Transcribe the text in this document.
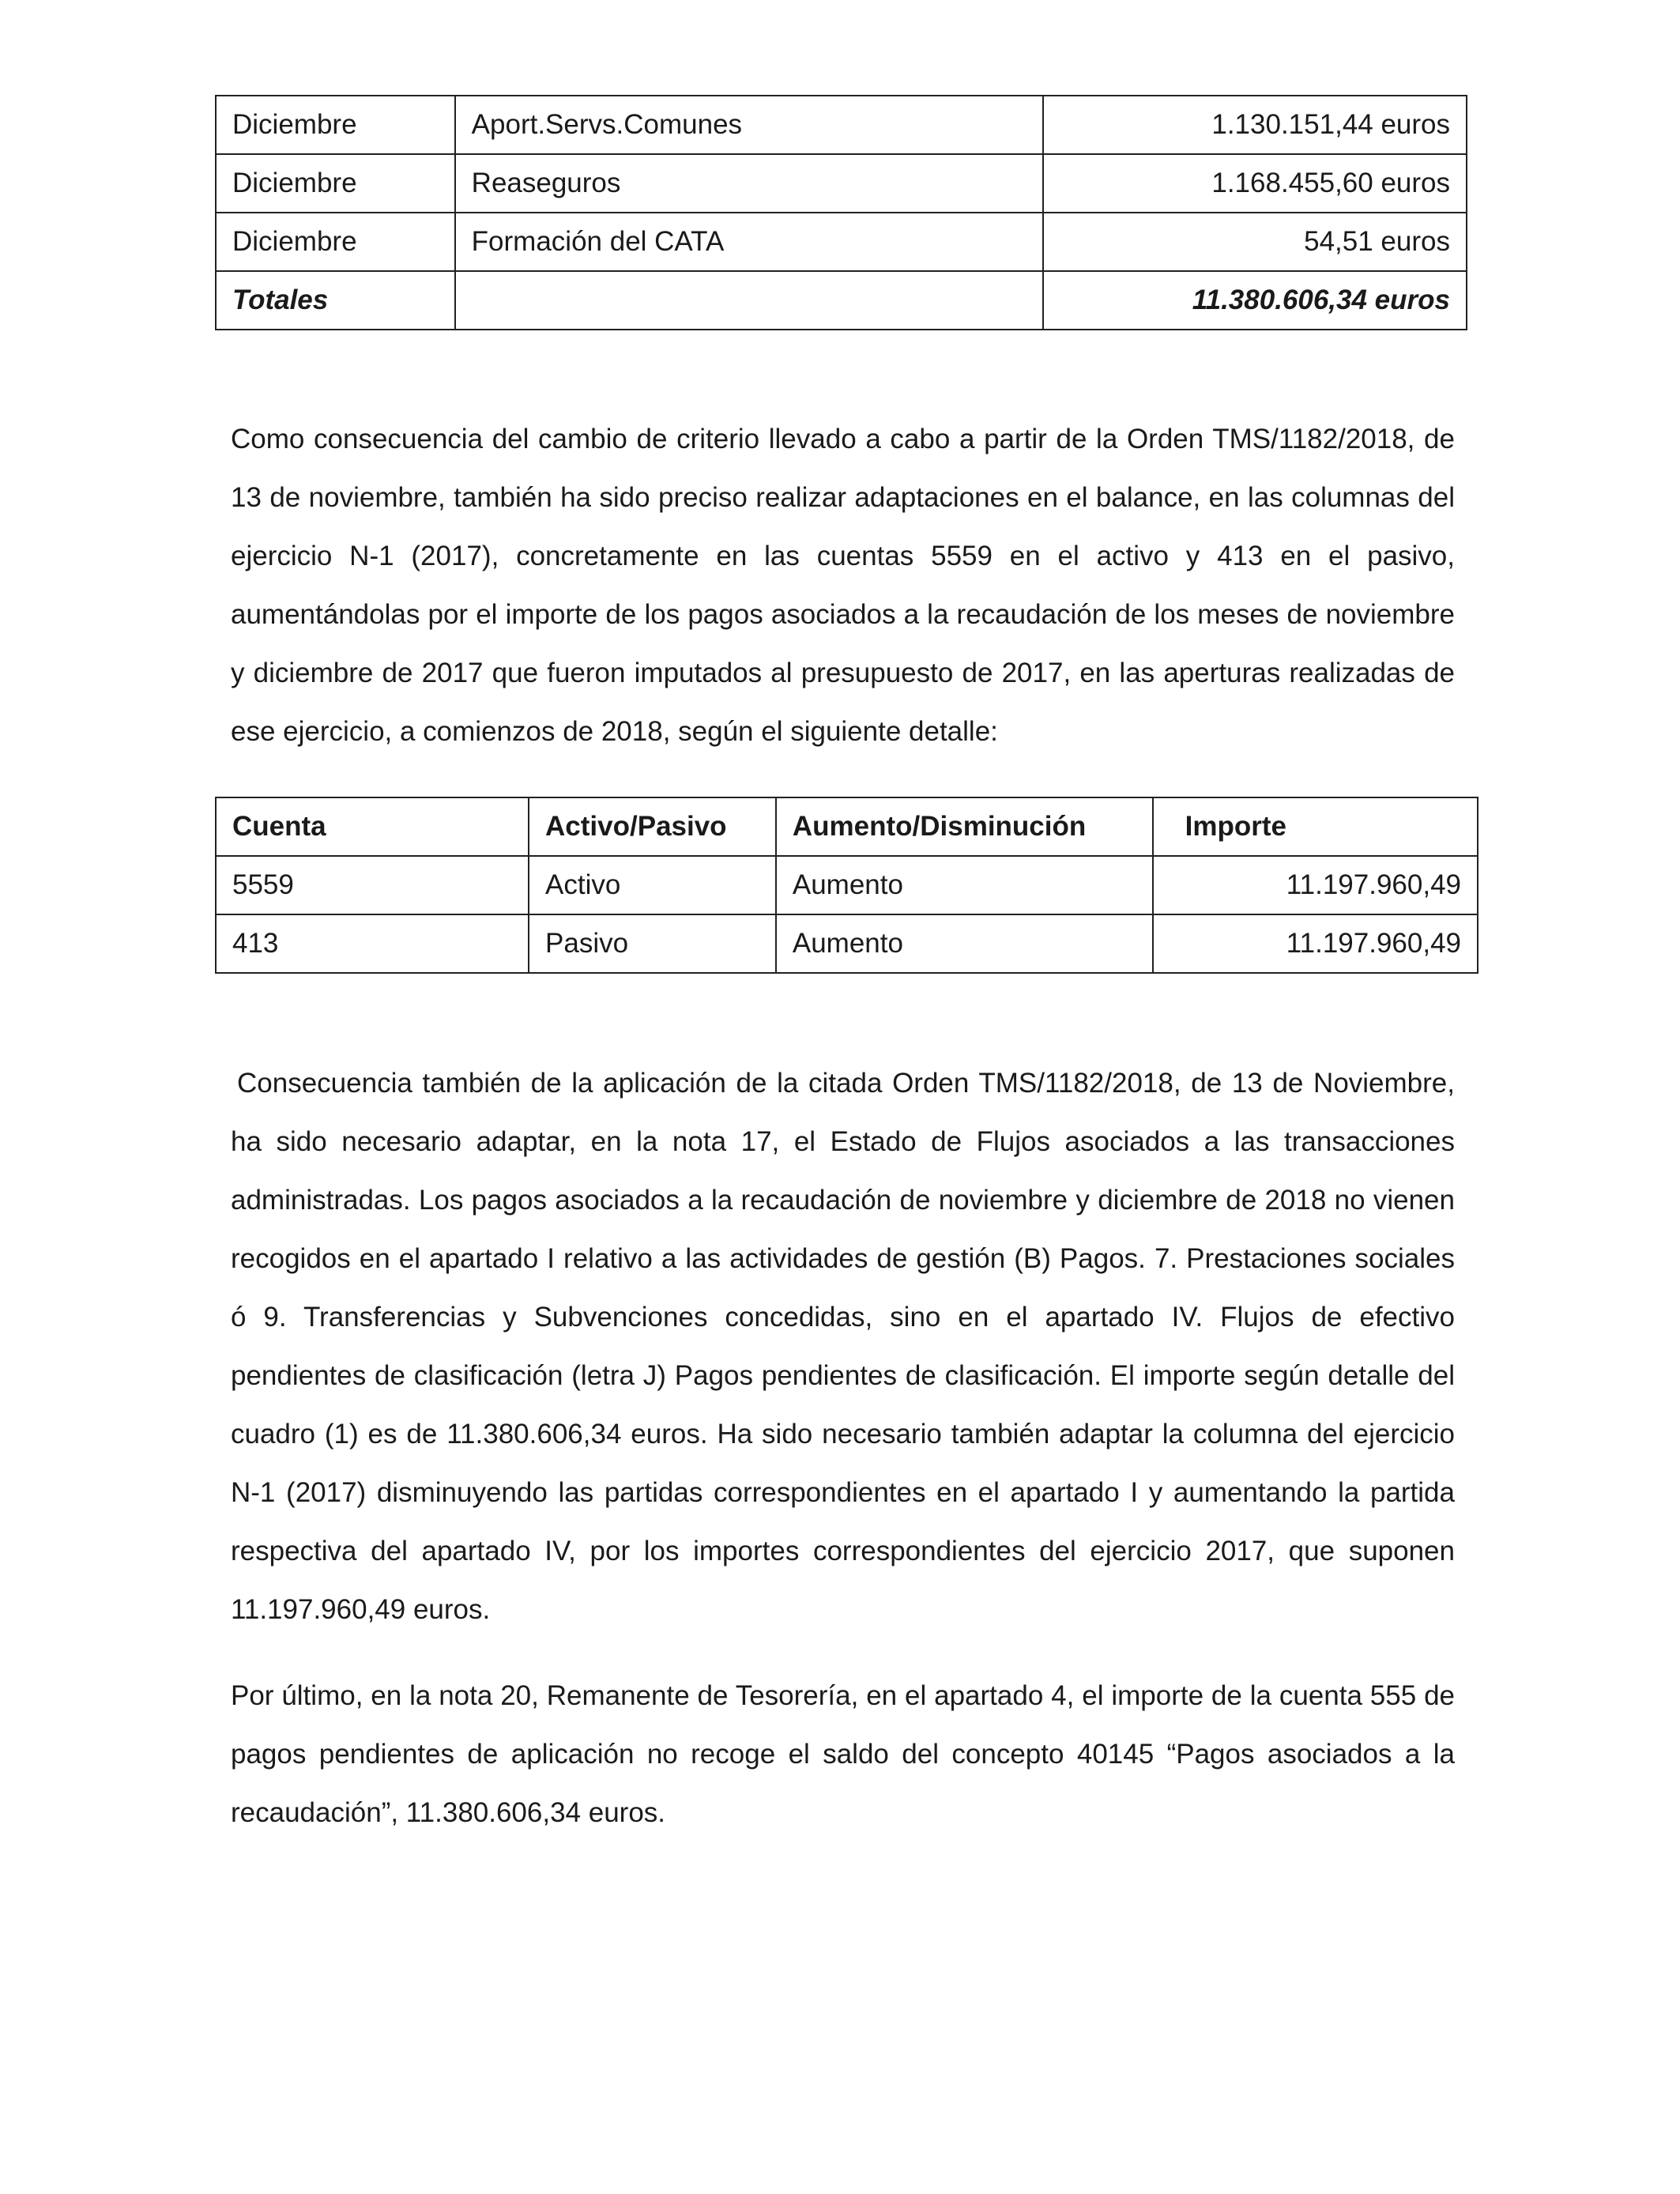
Diciembre	Aport.Servs.Comunes	1.130.151,44 euros
Diciembre	Reaseguros	1.168.455,60 euros
Diciembre	Formación del CATA	54,51 euros
Totales		11.380.606,34 euros

Como consecuencia del cambio de criterio llevado a cabo a partir de la Orden TMS/1182/2018, de 13 de noviembre, también ha sido preciso realizar adaptaciones en el balance, en las columnas del ejercicio N-1 (2017), concretamente en las cuentas 5559 en el activo y 413 en el pasivo, aumentándolas por el importe de los pagos asociados a la recaudación de los meses de noviembre y diciembre de 2017 que fueron imputados al presupuesto de 2017, en las aperturas realizadas de ese ejercicio, a comienzos de 2018, según el siguiente detalle:

Cuenta	Activo/Pasivo	Aumento/Disminución	Importe
5559	Activo	Aumento	11.197.960,49
413	Pasivo	Aumento	11.197.960,49

Consecuencia también de la aplicación de la citada Orden TMS/1182/2018, de 13 de Noviembre, ha sido necesario adaptar, en la nota 17, el Estado de Flujos asociados a las transacciones administradas. Los pagos asociados a la recaudación de noviembre y diciembre de 2018 no vienen recogidos en el apartado I relativo a las actividades de gestión (B) Pagos. 7. Prestaciones sociales ó 9. Transferencias y Subvenciones concedidas, sino en el apartado IV. Flujos de efectivo pendientes de clasificación (letra J) Pagos pendientes de clasificación. El importe según detalle del cuadro (1) es de 11.380.606,34 euros. Ha sido necesario también adaptar la columna del ejercicio N-1 (2017) disminuyendo las partidas correspondientes en el apartado I y aumentando la partida respectiva del apartado IV, por los importes correspondientes del ejercicio 2017, que suponen 11.197.960,49 euros.

Por último, en la nota 20, Remanente de Tesorería, en el apartado 4, el importe de la cuenta 555 de pagos pendientes de aplicación no recoge el saldo del concepto 40145 “Pagos asociados a la recaudación”, 11.380.606,34 euros.
